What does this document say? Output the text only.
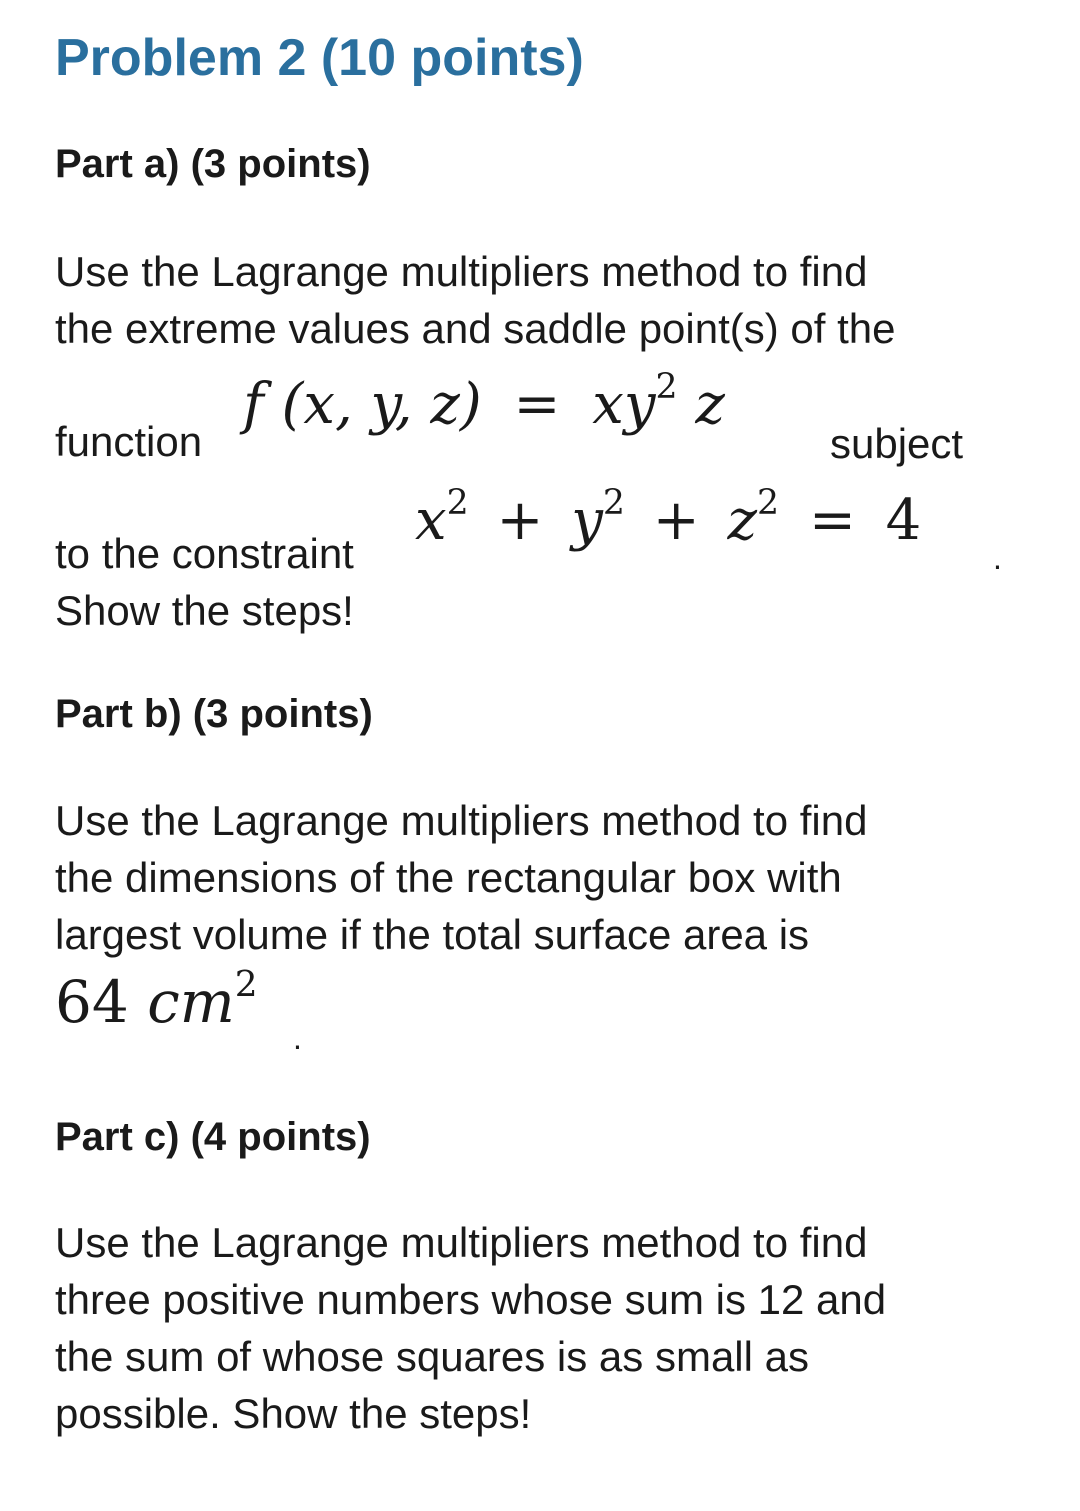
Problem 2 (10 points)
Part a) (3 points)
Use the Lagrange multipliers method to find
the extreme values and saddle point(s) of the
function
f (x, y, $z) = xy^2$ z
subject
to the constraint
$x^2 + y^2 + z^2 = 4$
.
Show the steps!
Part b) (3 points)
Use the Lagrange multipliers method to find
the dimensions of the rectangular box with
largest volume if the total surface area is
64 $cm^2$
.
Part c) (4 points)
Use the Lagrange multipliers method to find
three positive numbers whose sum is 12 and
the sum of whose squares is as small as
possible. Show the steps!
